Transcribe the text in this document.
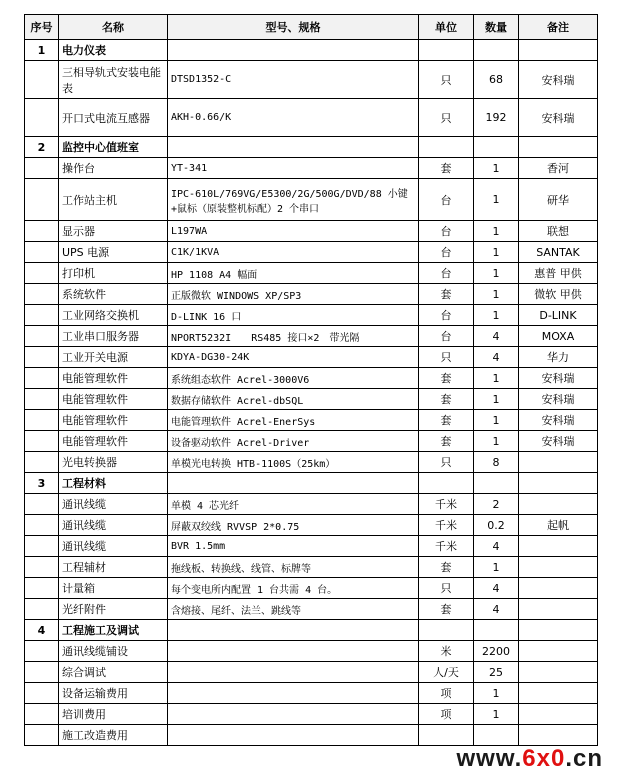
序号	名称	型号、规格	单位	数量	备注
1	电力仪表				
	三相导轨式安装电能表	DTSD1352-C	只	68	安科瑞
	开口式电流互感器	AKH-0.66/K	只	192	安科瑞
2	监控中心值班室				
	操作台	YT-341	套	1	香河
	工作站主机	IPC-610L/769VG/E5300/2G/500G/DVD/88 小键+鼠标（原装整机标配）2 个串口	台	1	研华
	显示器	L197WA	台	1	联想
	UPS 电源	C1K/1KVA	台	1	SANTAK
	打印机	HP 1108 A4 幅面	台	1	惠普 甲供
	系统软件	正版微软 WINDOWS XP/SP3	套	1	微软 甲供
	工业网络交换机	D-LINK 16 口	台	1	D-LINK
	工业串口服务器	NPORT5232I　　RS485 接口×2　带光隔	台	4	MOXA
	工业开关电源	KDYA-DG30-24K	只	4	华力
	电能管理软件	系统组态软件 Acrel-3000V6	套	1	安科瑞
	电能管理软件	数据存储软件 Acrel-dbSQL	套	1	安科瑞
	电能管理软件	电能管理软件 Acrel-EnerSys	套	1	安科瑞
	电能管理软件	设备驱动软件 Acrel-Driver	套	1	安科瑞
	光电转换器	单模光电转换 HTB-1100S（25km）	只	8	
3	工程材料				
	通讯线缆	单模 4 芯光纤	千米	2	
	通讯线缆	屏蔽双绞线 RVVSP 2*0.75	千米	0.2	起帆
	通讯线缆	BVR 1.5mm	千米	4	
	工程辅材	拖线板、转换线、线管、标牌等	套	1	
	计量箱	每个变电所内配置 1 台共需 4 台。	只	4	
	光纤附件	含熔接、尾纤、法兰、跳线等	套	4	
4	工程施工及调试				
	通讯线缆铺设		米	2200	
	综合调试		人/天	25	
	设备运输费用		项	1	
	培训费用		项	1	
	施工改造费用				
www.6x0.cn
